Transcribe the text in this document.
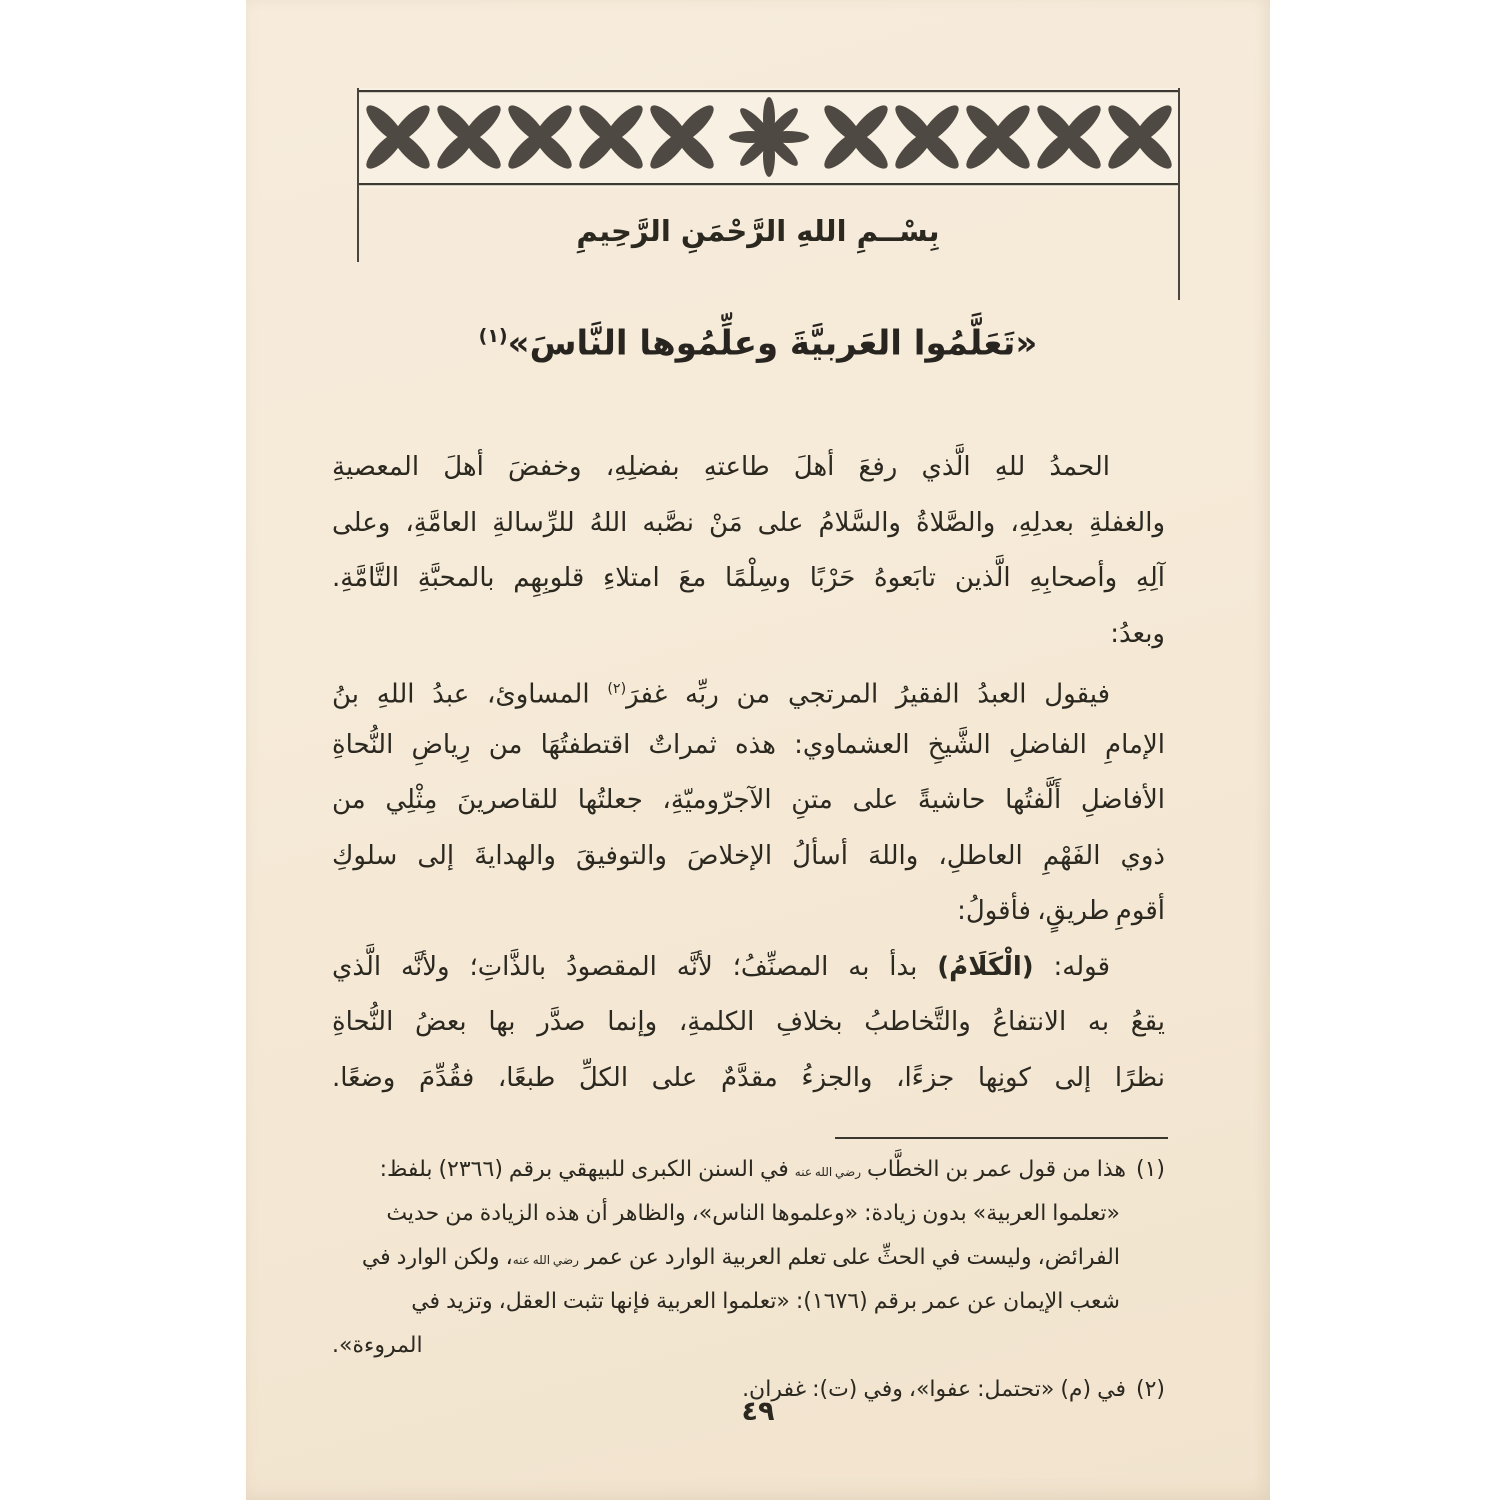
بِسْــمِ اللهِ الرَّحْمَنِ الرَّحِيمِ
«تَعَلَّمُوا العَربيَّةَ وعلِّمُوها النَّاسَ»$^{(١)}$
الحمدُ للهِ الَّذي رفعَ أهلَ طاعتهِ بفضلِهِ، وخفضَ أهلَ المعصيةِ
والغفلةِ بعدلِهِ، والصَّلاةُ والسَّلامُ على مَنْ نصَّبه اللهُ للرِّسالةِ العامَّةِ، وعلى
آلِهِ وأصحابِهِ الَّذين تابَعوهُ حَرْبًا وسِلْمًا معَ امتلاءِ قلوبِهِم بالمحبَّةِ التَّامَّةِ.
وبعدُ:
فيقول العبدُ الفقيرُ المرتجي من ربِّه غفرَ$^{(٢)}$ المساوئ، عبدُ اللهِ بنُ
الإمامِ الفاضلِ الشَّيخِ العشماوي: هذه ثمراتٌ اقتطفتُهَا من رِياضِ النُّحاةِ
الأفاضلِ أَلَّفتُها حاشيةً على متنِ الآجرّوميّةِ، جعلتُها للقاصرينَ مِثْلِي من
ذوي الفَهْمِ العاطلِ، واللهَ أسألُ الإخلاصَ والتوفيقَ والهدايةَ إلى سلوكِ
أقومِ طريقٍ، فأقولُ:
قوله: (الْكَلَامُ) بدأ به المصنِّفُ؛ لأنَّه المقصودُ بالذَّاتِ؛ ولأنَّه الَّذي
يقعُ به الانتفاعُ والتَّخاطبُ بخلافِ الكلمةِ، وإنما صدَّر بها بعضُ النُّحاةِ
نظرًا إلى كونِها جزءًا، والجزءُ مقدَّمٌ على الكلِّ طبعًا، فقُدِّمَ وضعًا.
(١)هذا من قول عمر بن الخطَّاب رضي الله عنه في السنن الكبرى للبيهقي برقم (٢٣٦٦) بلفظ:
«تعلموا العربية» بدون زيادة: «وعلموها الناس»، والظاهر أن هذه الزيادة من حديث
الفرائض، وليست في الحثِّ على تعلم العربية الوارد عن عمر رضي الله عنه، ولكن الوارد في
شعب الإيمان عن عمر برقم (١٦٧٦): «تعلموا العربية فإنها تثبت العقل، وتزيد في
المروءة».
(٢)في (م) «تحتمل: عفوا»، وفي (ت): غفران.
٤٩
